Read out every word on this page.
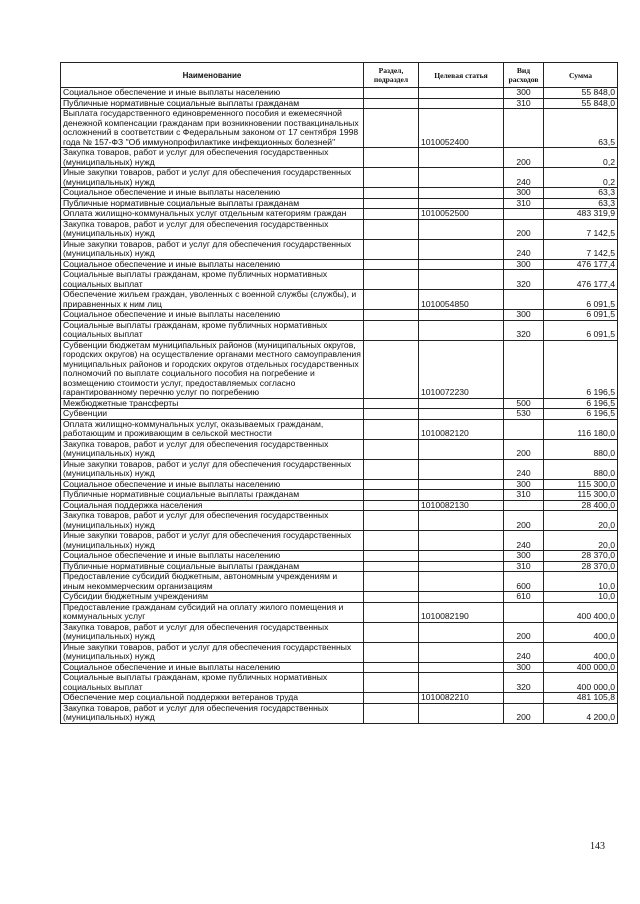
Наименование	Раздел, подраздел	Целевая статья	Вид расходов	Сумма
Социальное обеспечение и иные выплаты населению			300	55 848,0
Публичные нормативные социальные выплаты гражданам			310	55 848,0
Выплата государственного единовременного пособия и ежемесячной денежной компенсации гражданам при возникновении поствакцинальных осложнений в соответствии с Федеральным законом от 17 сентября 1998 года № 157-ФЗ "Об иммунопрофилактике инфекционных болезней"		1010052400		63,5
Закупка товаров, работ и услуг для обеспечения государственных (муниципальных) нужд			200	0,2
Иные закупки товаров, работ и услуг для обеспечения государственных (муниципальных) нужд			240	0,2
Социальное обеспечение и иные выплаты населению			300	63,3
Публичные нормативные социальные выплаты гражданам			310	63,3
Оплата жилищно-коммунальных услуг отдельным категориям граждан		1010052500		483 319,9
Закупка товаров, работ и услуг для обеспечения государственных (муниципальных) нужд			200	7 142,5
Иные закупки товаров, работ и услуг для обеспечения государственных (муниципальных) нужд			240	7 142,5
Социальное обеспечение и иные выплаты населению			300	476 177,4
Социальные выплаты гражданам, кроме публичных нормативных социальных выплат			320	476 177,4
Обеспечение жильем граждан, уволенных с военной службы (службы), и приравненных к ним лиц		1010054850		6 091,5
Социальное обеспечение и иные выплаты населению			300	6 091,5
Социальные выплаты гражданам, кроме публичных нормативных социальных выплат			320	6 091,5
Субвенции бюджетам муниципальных районов (муниципальных округов, городских округов) на осуществление органами местного самоуправления муниципальных районов и городских округов отдельных государственных полномочий по выплате социального пособия на погребение и возмещению стоимости услуг, предоставляемых согласно гарантированному перечню услуг по погребению		1010072230		6 196,5
Межбюджетные трансферты			500	6 196,5
Субвенции			530	6 196,5
Оплата жилищно-коммунальных услуг, оказываемых гражданам, работающим и проживающим в сельской местности		1010082120		116 180,0
Закупка товаров, работ и услуг для обеспечения государственных (муниципальных) нужд			200	880,0
Иные закупки товаров, работ и услуг для обеспечения государственных (муниципальных) нужд			240	880,0
Социальное обеспечение и иные выплаты населению			300	115 300,0
Публичные нормативные социальные выплаты гражданам			310	115 300,0
Социальная поддержка населения		1010082130		28 400,0
Закупка товаров, работ и услуг для обеспечения государственных (муниципальных) нужд			200	20,0
Иные закупки товаров, работ и услуг для обеспечения государственных (муниципальных) нужд			240	20,0
Социальное обеспечение и иные выплаты населению			300	28 370,0
Публичные нормативные социальные выплаты гражданам			310	28 370,0
Предоставление субсидий бюджетным, автономным учреждениям и иным некоммерческим организациям			600	10,0
Субсидии бюджетным учреждениям			610	10,0
Предоставление гражданам субсидий на оплату жилого помещения и коммунальных услуг		1010082190		400 400,0
Закупка товаров, работ и услуг для обеспечения государственных (муниципальных) нужд			200	400,0
Иные закупки товаров, работ и услуг для обеспечения государственных (муниципальных) нужд			240	400,0
Социальное обеспечение и иные выплаты населению			300	400 000,0
Социальные выплаты гражданам, кроме публичных нормативных социальных выплат			320	400 000,0
Обеспечение мер социальной поддержки ветеранов труда		1010082210		481 105,8
Закупка товаров, работ и услуг для обеспечения государственных (муниципальных) нужд			200	4 200,0
143
